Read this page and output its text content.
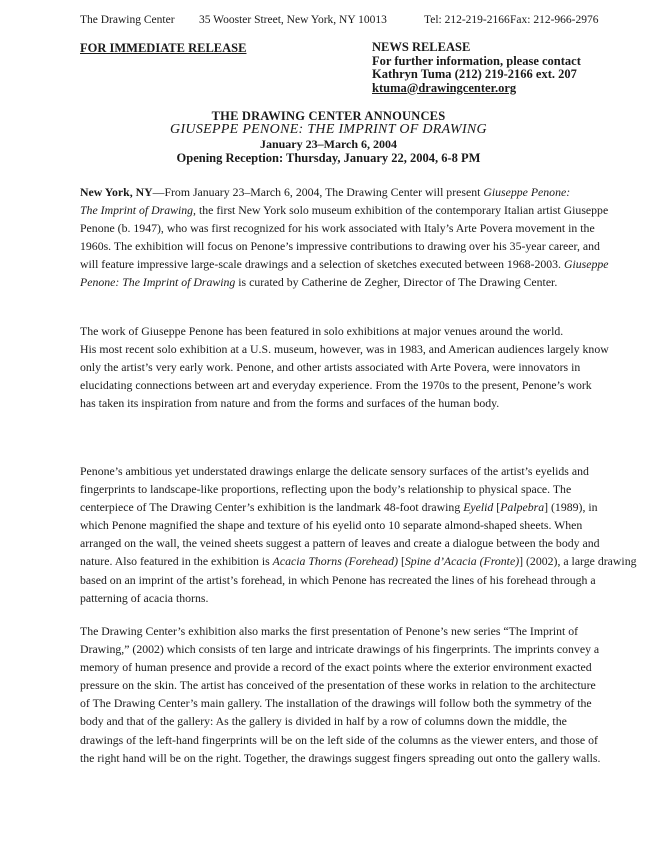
The Drawing Center 35 Wooster Street, New York, NY 10013	Tel: 212-219-2166 Fax: 212-966-2976
FOR IMMEDIATE RELEASE	NEWS RELEASE
For further information, please contact
Kathryn Tuma (212) 219-2166 ext. 207
ktuma@drawingcenter.org
THE DRAWING CENTER ANNOUNCES
GIUSEPPE PENONE: THE IMPRINT OF DRAWING
January 23–March 6, 2004
Opening Reception: Thursday, January 22, 2004, 6-8 PM
New York, NY—From January 23–March 6, 2004, The Drawing Center will present Giuseppe Penone:
The Imprint of Drawing, the first New York solo museum exhibition of the contemporary Italian artist Giuseppe
Penone (b. 1947), who was first recognized for his work associated with Italy’s Arte Povera movement in the
1960s. The exhibition will focus on Penone’s impressive contributions to drawing over his 35-year career, and
will feature impressive large-scale drawings and a selection of sketches executed between 1968-2003. Giuseppe
Penone: The Imprint of Drawing is curated by Catherine de Zegher, Director of The Drawing Center.
The work of Giuseppe Penone has been featured in solo exhibitions at major venues around the world.
His most recent solo exhibition at a U.S. museum, however, was in 1983, and American audiences largely know
only the artist’s very early work. Penone, and other artists associated with Arte Povera, were innovators in
elucidating connections between art and everyday experience. From the 1970s to the present, Penone’s work
has taken its inspiration from nature and from the forms and surfaces of the human body.
Penone’s ambitious yet understated drawings enlarge the delicate sensory surfaces of the artist’s eyelids and
fingerprints to landscape-like proportions, reflecting upon the body’s relationship to physical space. The
centerpiece of The Drawing Center’s exhibition is the landmark 48-foot drawing Eyelid [Palpebra] (1989), in
which Penone magnified the shape and texture of his eyelid onto 10 separate almond-shaped sheets. When
arranged on the wall, the veined sheets suggest a pattern of leaves and create a dialogue between the body and
nature. Also featured in the exhibition is Acacia Thorns (Forehead) [Spine d’Acacia (Fronte)] (2002), a large drawing
based on an imprint of the artist’s forehead, in which Penone has recreated the lines of his forehead through a
patterning of acacia thorns.
The Drawing Center’s exhibition also marks the first presentation of Penone’s new series “The Imprint of
Drawing,” (2002) which consists of ten large and intricate drawings of his fingerprints. The imprints convey a
memory of human presence and provide a record of the exact points where the exterior environment exacted
pressure on the skin. The artist has conceived of the presentation of these works in relation to the architecture
of The Drawing Center’s main gallery. The installation of the drawings will follow both the symmetry of the
body and that of the gallery: As the gallery is divided in half by a row of columns down the middle, the
drawings of the left-hand fingerprints will be on the left side of the columns as the viewer enters, and those of
the right hand will be on the right. Together, the drawings suggest fingers spreading out onto the gallery walls.
